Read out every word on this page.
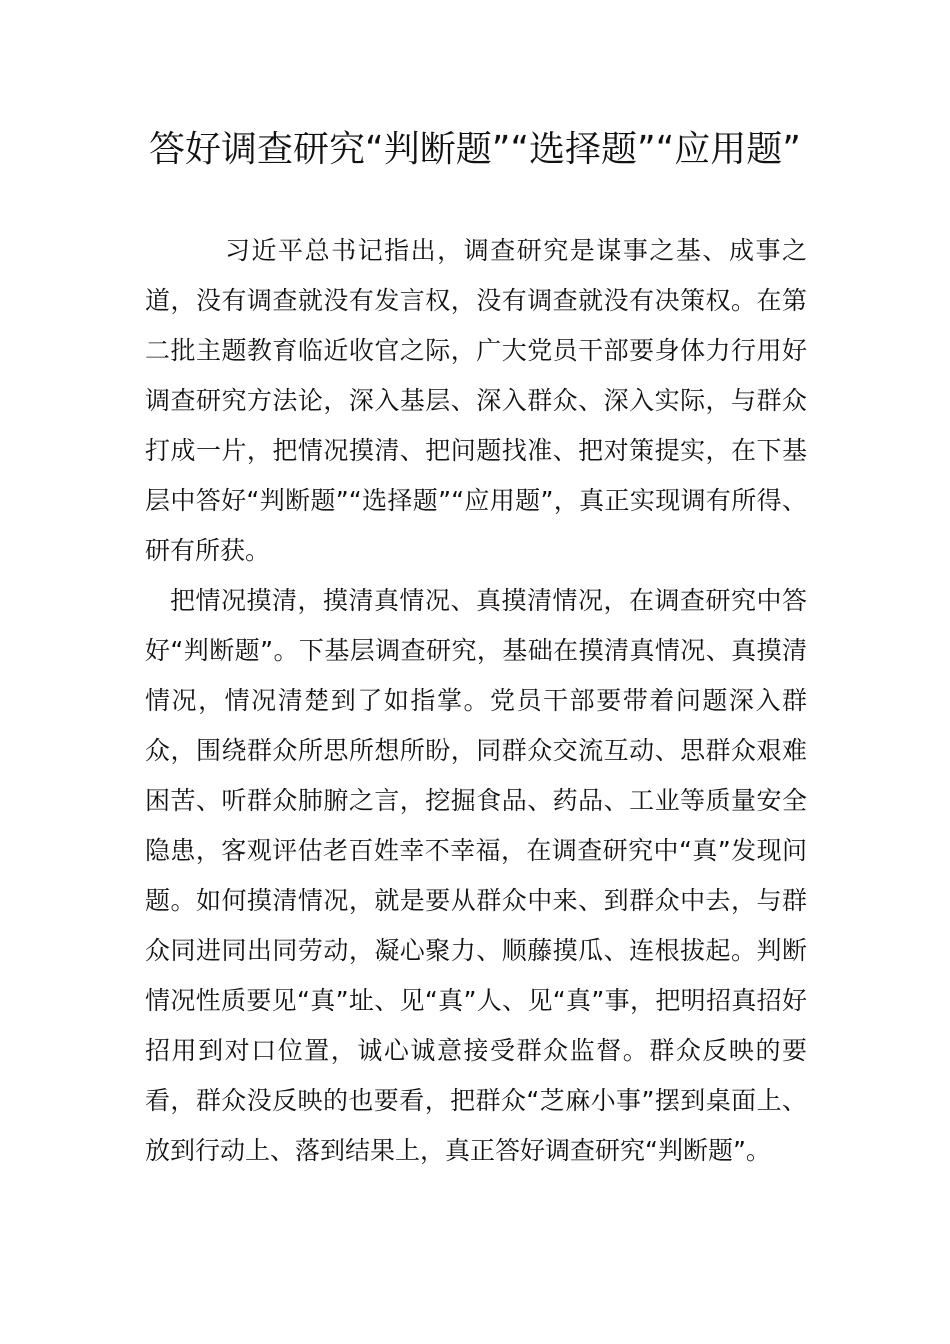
答好调查研究“判断题”“选择题”“应用题”

习近平总书记指出，调查研究是谋事之基、成事之道，没有调查就没有发言权，没有调查就没有决策权。在第二批主题教育临近收官之际，广大党员干部要身体力行用好调查研究方法论，深入基层、深入群众、深入实际，与群众打成一片，把情况摸清、把问题找准、把对策提实，在下基层中答好“判断题”“选择题”“应用题”，真正实现调有所得、研有所获。

把情况摸清，摸清真情况、真摸清情况，在调查研究中答好“判断题”。下基层调查研究，基础在摸清真情况、真摸清情况，情况清楚到了如指掌。党员干部要带着问题深入群众，围绕群众所思所想所盼，同群众交流互动、思群众艰难困苦、听群众肺腑之言，挖掘食品、药品、工业等质量安全隐患，客观评估老百姓幸不幸福，在调查研究中“真”发现问题。如何摸清情况，就是要从群众中来、到群众中去，与群众同进同出同劳动，凝心聚力、顺藤摸瓜、连根拔起。判断情况性质要见“真”址、见“真”人、见“真”事，把明招真招好招用到对口位置，诚心诚意接受群众监督。群众反映的要看，群众没反映的也要看，把群众“芝麻小事”摆到桌面上、放到行动上、落到结果上，真正答好调查研究“判断题”。
